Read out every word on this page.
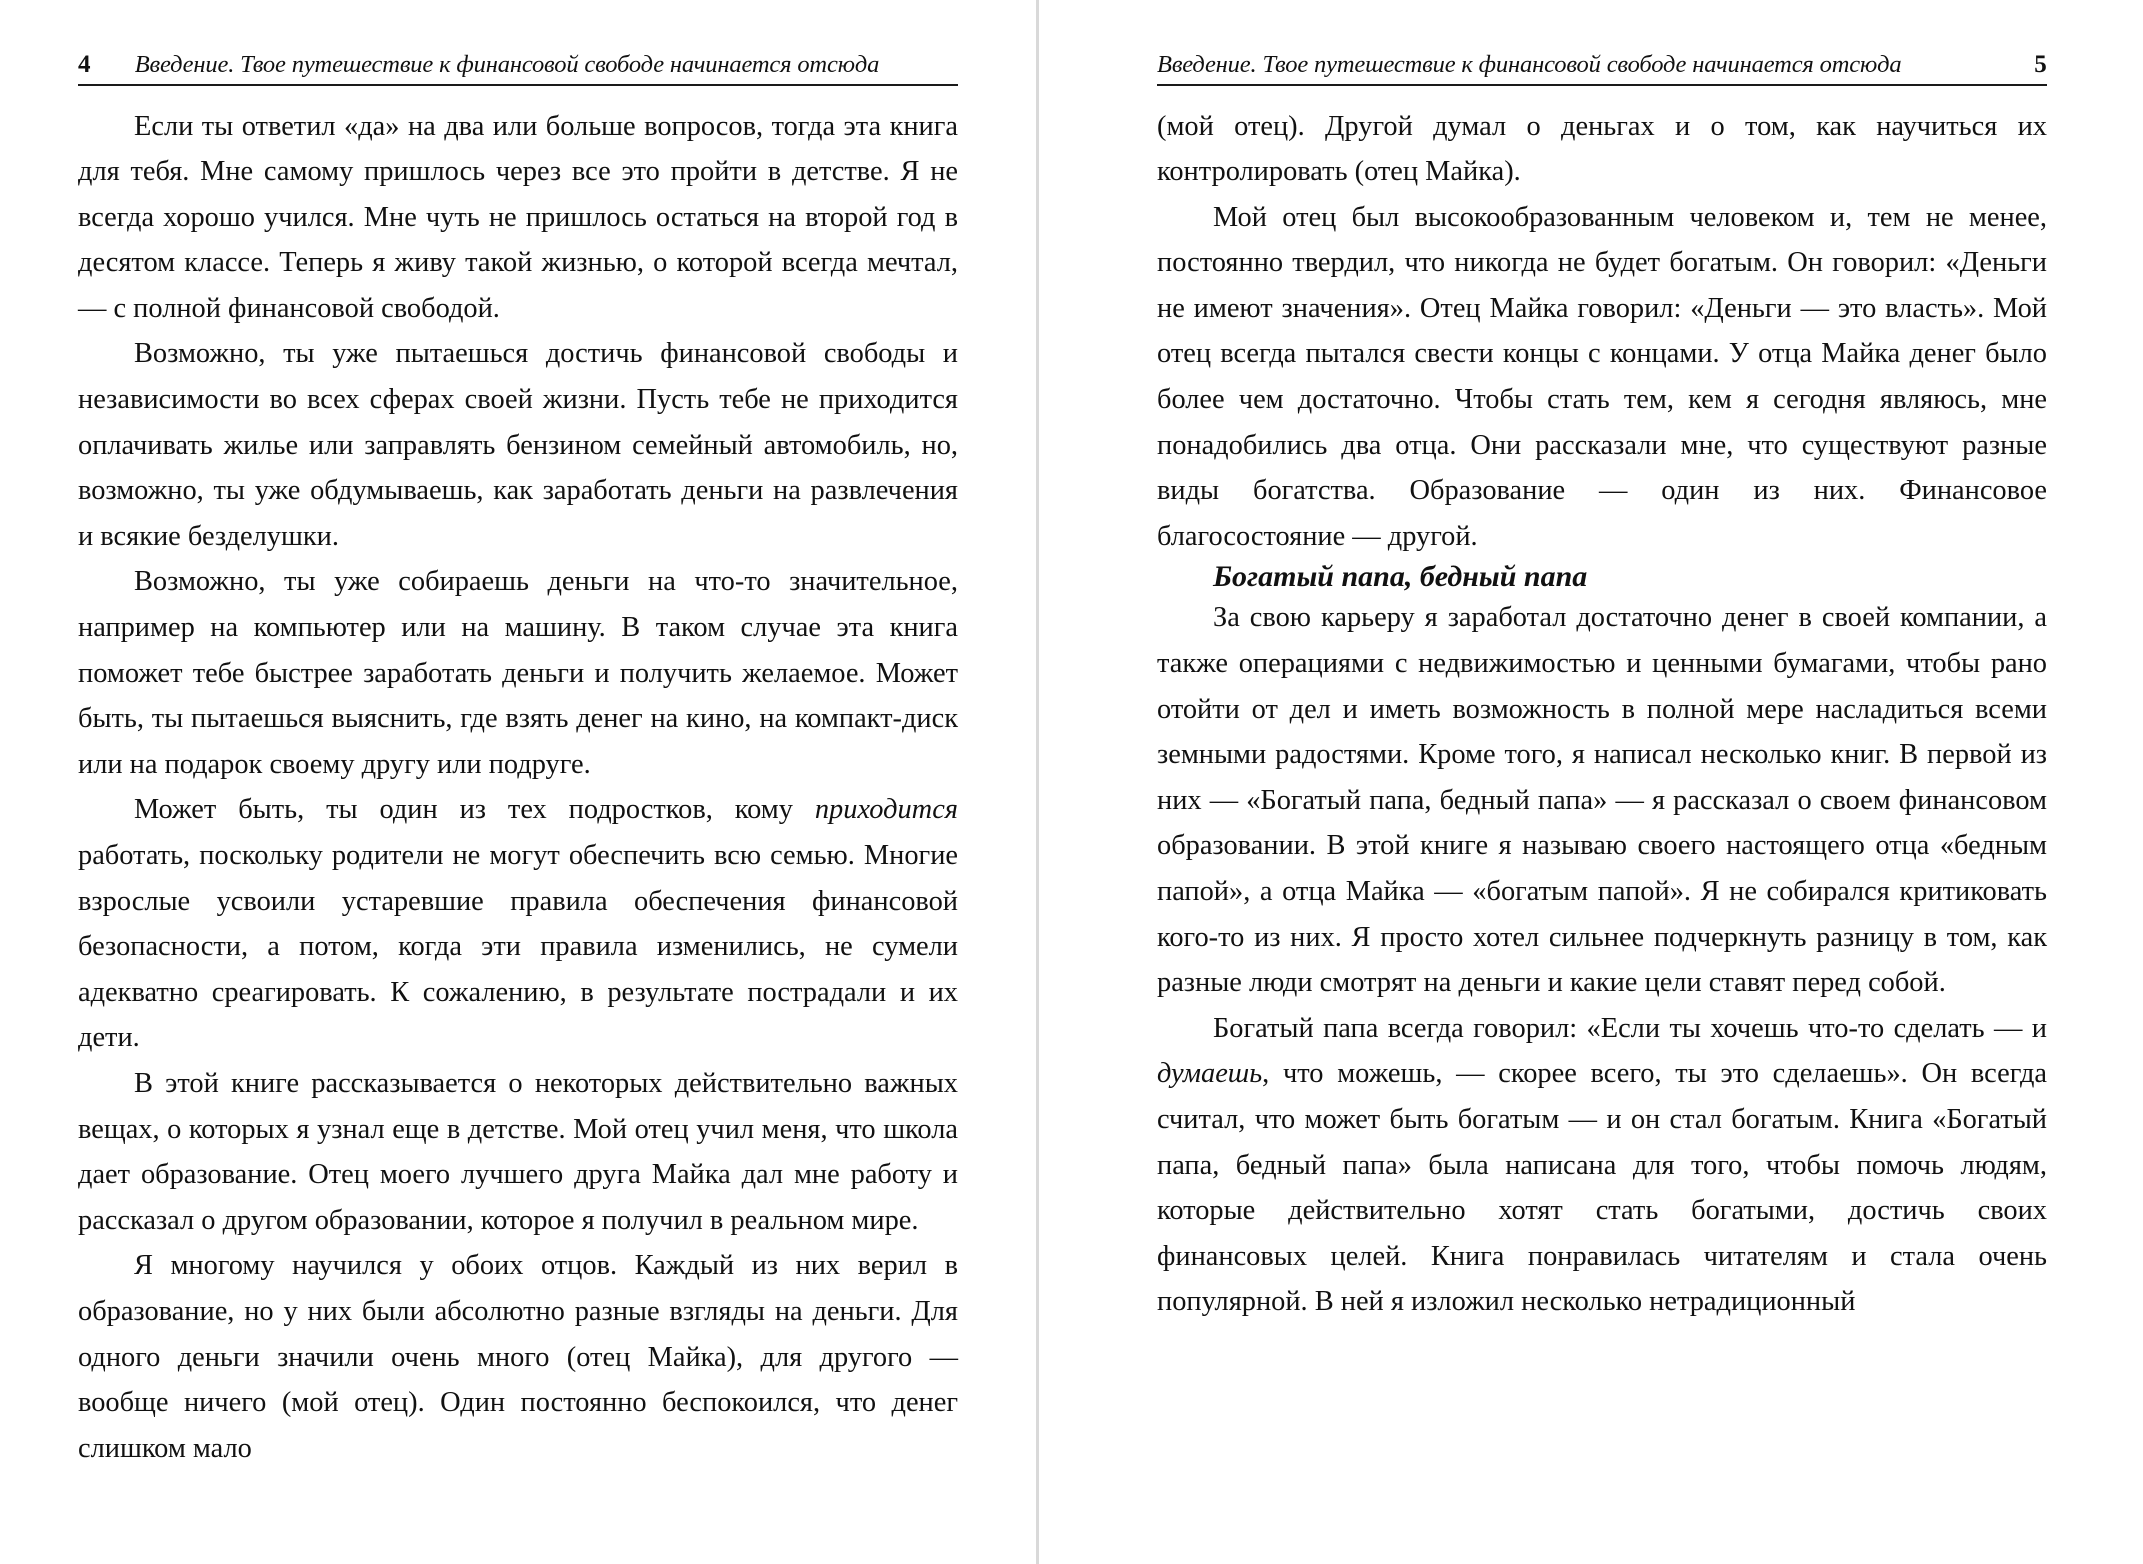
4 Введение. Твое путешествие к финансовой свободе начинается отсюда

Если ты ответил «да» на два или больше вопросов, тогда эта книга для тебя. Мне самому пришлось через все это пройти в детстве. Я не всегда хорошо учился. Мне чуть не пришлось остаться на второй год в десятом классе. Теперь я живу такой жизнью, о которой всегда мечтал, — с полной финансовой свободой.

Возможно, ты уже пытаешься достичь финансовой свободы и независимости во всех сферах своей жизни. Пусть тебе не приходится оплачивать жилье или заправлять бензином семейный автомобиль, но, возможно, ты уже обдумываешь, как заработать деньги на развлечения и всякие безделушки.

Возможно, ты уже собираешь деньги на что-то значительное, например на компьютер или на машину. В таком случае эта книга поможет тебе быстрее заработать деньги и получить желаемое. Может быть, ты пытаешься выяснить, где взять денег на кино, на компакт-диск или на подарок своему другу или подруге.

Может быть, ты один из тех подростков, кому приходится работать, поскольку родители не могут обеспечить всю семью. Многие взрослые усвоили устаревшие правила обеспечения финансовой безопасности, а потом, когда эти правила изменились, не сумели адекватно среагировать. К сожалению, в результате пострадали и их дети.

В этой книге рассказывается о некоторых действительно важных вещах, о которых я узнал еще в детстве. Мой отец учил меня, что школа дает образование. Отец моего лучшего друга Майка дал мне работу и рассказал о другом образовании, которое я получил в реальном мире.

Я многому научился у обоих отцов. Каждый из них верил в образование, но у них были абсолютно разные взгляды на деньги. Для одного деньги значили очень много (отец Майка), для другого — вообще ничего (мой отец). Один постоянно беспокоился, что денег слишком мало

Введение. Твое путешествие к финансовой свободе начинается отсюда	5

(мой отец). Другой думал о деньгах и о том, как научиться их контролировать (отец Майка).

Мой отец был высокообразованным человеком и, тем не менее, постоянно твердил, что никогда не будет богатым. Он говорил: «Деньги не имеют значения». Отец Майка говорил: «Деньги — это власть». Мой отец всегда пытался свести концы с концами. У отца Майка денег было более чем достаточно. Чтобы стать тем, кем я сегодня являюсь, мне понадобились два отца. Они рассказали мне, что существуют разные виды богатства. Образование — один из них. Финансовое благосостояние — другой.

Богатый папа, бедный папа

За свою карьеру я заработал достаточно денег в своей компании, а также операциями с недвижимостью и ценными бумагами, чтобы рано отойти от дел и иметь возможность в полной мере насладиться всеми земными радостями. Кроме того, я написал несколько книг. В первой из них — «Богатый папа, бедный папа» — я рассказал о своем финансовом образовании. В этой книге я называю своего настоящего отца «бедным папой», а отца Майка — «богатым папой». Я не собирался критиковать кого-то из них. Я просто хотел сильнее подчеркнуть разницу в том, как разные люди смотрят на деньги и какие цели ставят перед собой.

Богатый папа всегда говорил: «Если ты хочешь что-то сделать — и думаешь, что можешь, — скорее всего, ты это сделаешь». Он всегда считал, что может быть богатым — и он стал богатым. Книга «Богатый папа, бедный папа» была написана для того, чтобы помочь людям, которые действительно хотят стать богатыми, достичь своих финансовых целей. Книга понравилась читателям и стала очень популярной. В ней я изложил несколько нетрадиционный
